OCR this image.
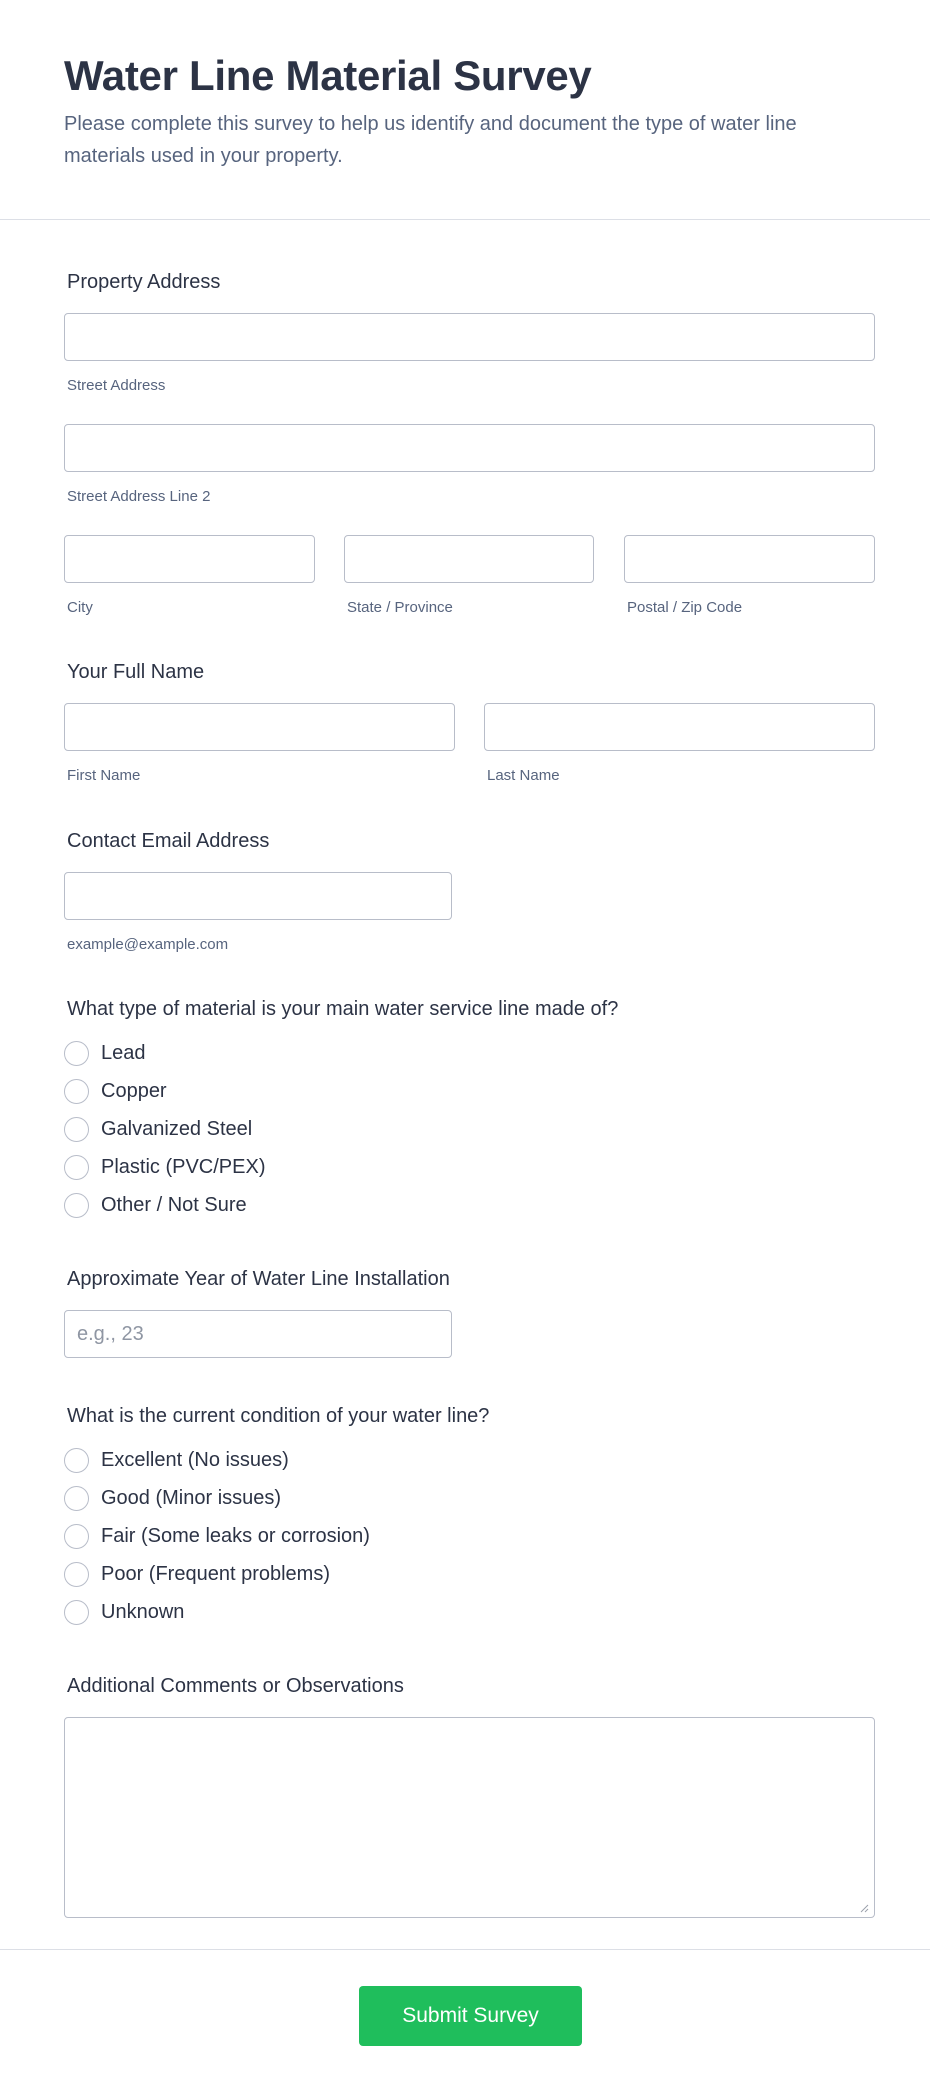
Water Line Material Survey
Please complete this survey to help us identify and document the type of water line materials used in your property.
Property Address
Street Address
Street Address Line 2
City	State / Province	Postal / Zip Code
Your Full Name
First Name	Last Name
Contact Email Address
example@example.com
What type of material is your main water service line made of?
Lead
Copper
Galvanized Steel
Plastic (PVC/PEX)
Other / Not Sure
Approximate Year of Water Line Installation
e.g., 23
What is the current condition of your water line?
Excellent (No issues)
Good (Minor issues)
Fair (Some leaks or corrosion)
Poor (Frequent problems)
Unknown
Additional Comments or Observations
Submit Survey
